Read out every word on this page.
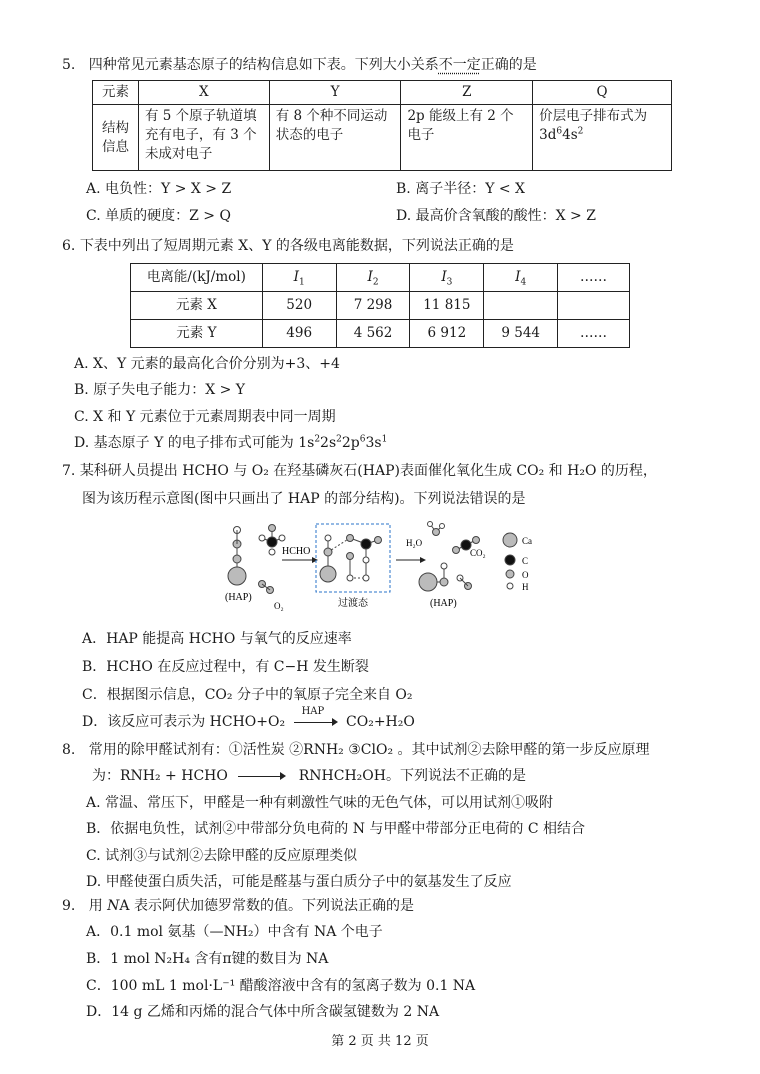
5. 四种常见元素基态原子的结构信息如下表。下列大小关系不一定正确的是
元素	X	Y	Z	Q
结构信息	有 5 个原子轨道填充有电子，有 3 个未成对电子	有 8 个种不同运动状态的电子	2p 能级上有 2 个电子	价层电子排布式为 $3d^64s^2$
A. 电负性：Y > X > Z	B. 离子半径：Y < X
C. 单质的硬度：Z > Q	D. 最高价含氧酸的酸性：X > Z
6. 下表中列出了短周期元素 X、Y 的各级电离能数据，下列说法正确的是
电离能/(kJ/mol)	$I_1$	$I_2$	$I_3$	$I_4$	……
元素 X	520	7 298	11 815		
元素 Y	496	4 562	6 912	9 544	……
A. X、Y 元素的最高化合价分别为+3、+4
B. 原子失电子能力：X > Y
C. X 和 Y 元素位于元素周期表中同一周期
D. 基态原子 Y 的电子排布式可能为 $1s^22s^22p^63s^1$
7. 某科研人员提出 HCHO 与 O₂ 在羟基磷灰石(HAP)表面催化氧化生成 CO₂ 和 H₂O 的历程，
图为该历程示意图(图中只画出了 HAP 的部分结构)。下列说法错误的是
(HAP)
O₂
HCHO
过渡态
H₂O
CO₂
(HAP)
Ca
C
O
H
A．HAP 能提高 HCHO 与氧气的反应速率
B．HCHO 在反应过程中，有 C−H 发生断裂
C．根据图示信息，CO₂ 分子中的氧原子完全来自 O₂
D．该反应可表示为 HCHO+O₂
HAP
CO₂+H₂O
8. 常用的除甲醛试剂有：①活性炭 ②RNH₂ ③ClO₂ 。其中试剂②去除甲醛的第一步反应原理
为：RNH₂ + HCHO	RNHCH₂OH。下列说法不正确的是
A. 常温、常压下，甲醛是一种有刺激性气味的无色气体，可以用试剂①吸附
B．依据电负性，试剂②中带部分负电荷的 N 与甲醛中带部分正电荷的 C 相结合
C. 试剂③与试剂②去除甲醛的反应原理类似
D. 甲醛使蛋白质失活，可能是醛基与蛋白质分子中的氨基发生了反应
9. 用 NA 表示阿伏加德罗常数的值。下列说法正确的是
A．0.1 mol 氨基（—NH₂）中含有 NA 个电子
B．1 mol N₂H₄ 含有π键的数目为 NA
C．100 mL 1 mol·L⁻¹ 醋酸溶液中含有的氢离子数为 0.1 NA
D．14 g 乙烯和丙烯的混合气体中所含碳氢键数为 2 NA
第 2 页 共 12 页
